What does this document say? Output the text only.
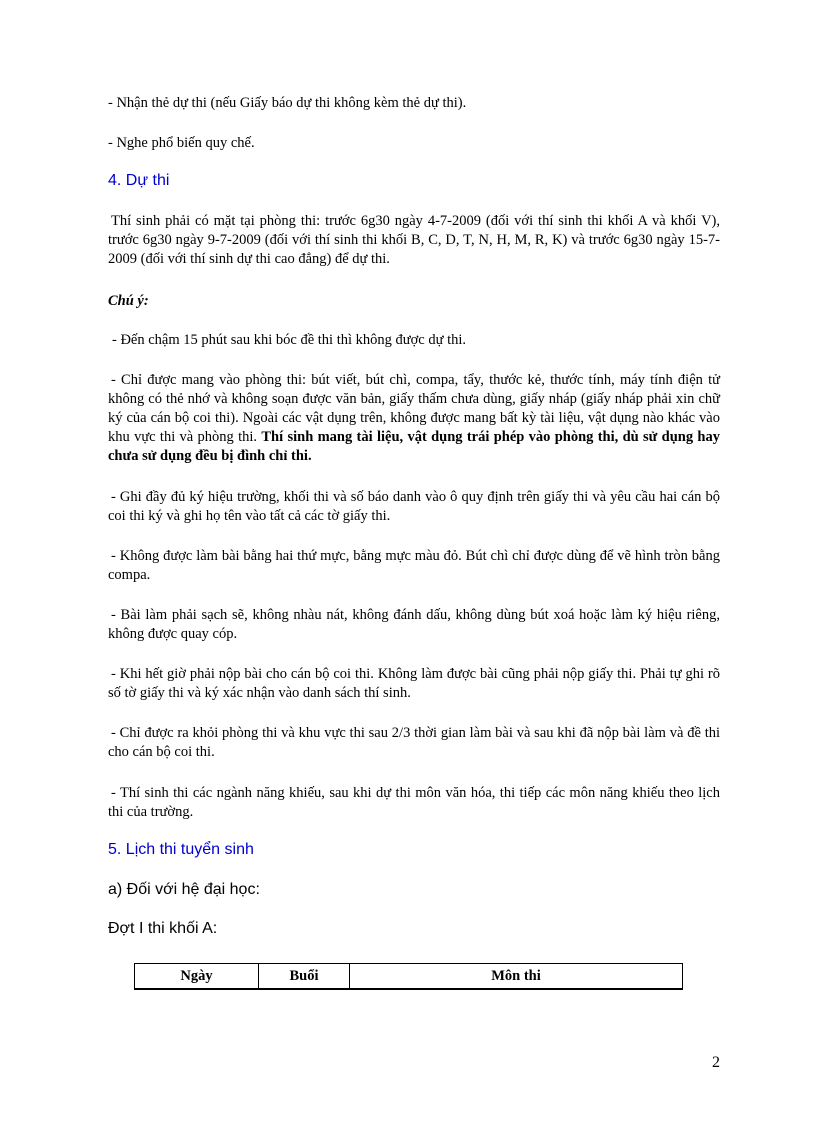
- Nhận thẻ dự thi (nếu Giấy báo dự thi không kèm thẻ dự thi).

- Nghe phổ biến quy chế.

4. Dự thi

Thí sinh phải có mặt tại phòng thi: trước 6g30 ngày 4-7-2009 (đối với thí sinh thi khối A và khối V), trước 6g30 ngày 9-7-2009 (đối với thí sinh thi khối B, C, D, T, N, H, M, R, K) và trước 6g30 ngày 15-7-2009 (đối với thí sinh dự thi cao đẳng) để dự thi.

Chú ý:

- Đến chậm 15 phút sau khi bóc đề thi thì không được dự thi.

- Chỉ được mang vào phòng thi: bút viết, bút chì, compa, tẩy, thước kẻ, thước tính, máy tính điện tử không có thẻ nhớ và không soạn được văn bản, giấy thấm chưa dùng, giấy nháp (giấy nháp phải xin chữ ký của cán bộ coi thi). Ngoài các vật dụng trên, không được mang bất kỳ tài liệu, vật dụng nào khác vào khu vực thi và phòng thi. Thí sinh mang tài liệu, vật dụng trái phép vào phòng thi, dù sử dụng hay chưa sử dụng đều bị đình chỉ thi.

- Ghi đầy đủ ký hiệu trường, khối thi và số báo danh vào ô quy định trên giấy thi và yêu cầu hai cán bộ coi thi ký và ghi họ tên vào tất cả các tờ giấy thi.

- Không được làm bài bằng hai thứ mực, bằng mực màu đỏ. Bút chì chỉ được dùng để vẽ hình tròn bằng compa.

- Bài làm phải sạch sẽ, không nhàu nát, không đánh dấu, không dùng bút xoá hoặc làm ký hiệu riêng, không được quay cóp.

- Khi hết giờ phải nộp bài cho cán bộ coi thi. Không làm được bài cũng phải nộp giấy thi. Phải tự ghi rõ số tờ giấy thi và ký xác nhận vào danh sách thí sinh.

- Chỉ được ra khỏi phòng thi và khu vực thi sau 2/3 thời gian làm bài và sau khi đã nộp bài làm và đề thi cho cán bộ coi thi.

- Thí sinh thi các ngành năng khiếu, sau khi dự thi môn văn hóa, thi tiếp các môn năng khiếu theo lịch thi của trường.

5. Lịch thi tuyển sinh
a) Đối với hệ đại học:
Đợt I thi khối A:
Ngày	Buổi	Môn thi
2
